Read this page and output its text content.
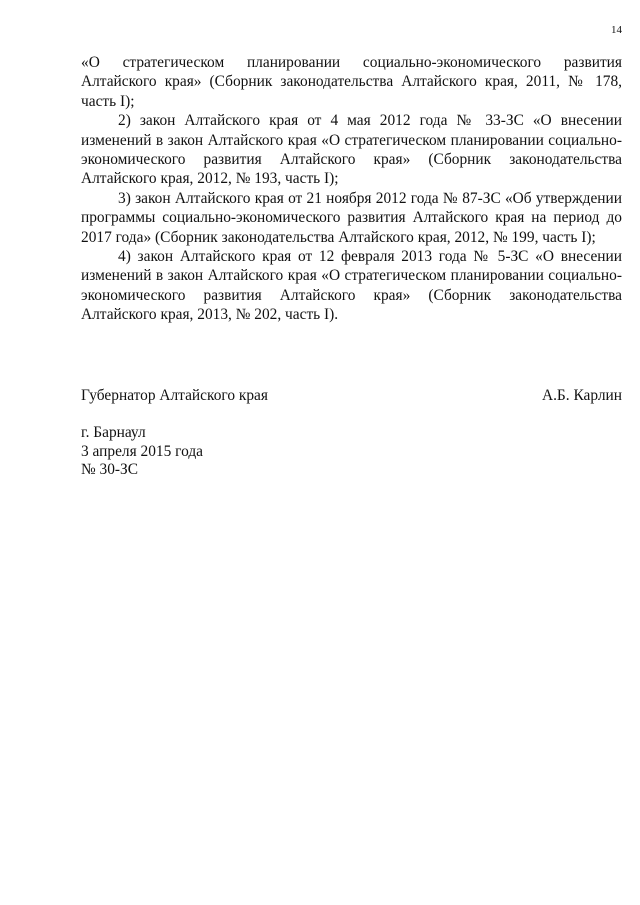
14

«О стратегическом планировании социально-экономического развития Алтайского края» (Сборник законодательства Алтайского края, 2011, № 178, часть I);

2) закон Алтайского края от 4 мая 2012 года № 33-ЗС «О внесении изменений в закон Алтайского края «О стратегическом планировании социально-экономического развития Алтайского края» (Сборник законодательства Алтайского края, 2012, № 193, часть I);

3) закон Алтайского края от 21 ноября 2012 года № 87-ЗС «Об утверждении программы социально-экономического развития Алтайского края на период до 2017 года» (Сборник законодательства Алтайского края, 2012, № 199, часть I);

4) закон Алтайского края от 12 февраля 2013 года № 5-ЗС «О внесении изменений в закон Алтайского края «О стратегическом планировании социально-экономического развития Алтайского края» (Сборник законодательства Алтайского края, 2013, № 202, часть I).

Губернатор Алтайского края	А.Б. Карлин
г. Барнаул
3 апреля 2015 года
№ 30-ЗС
